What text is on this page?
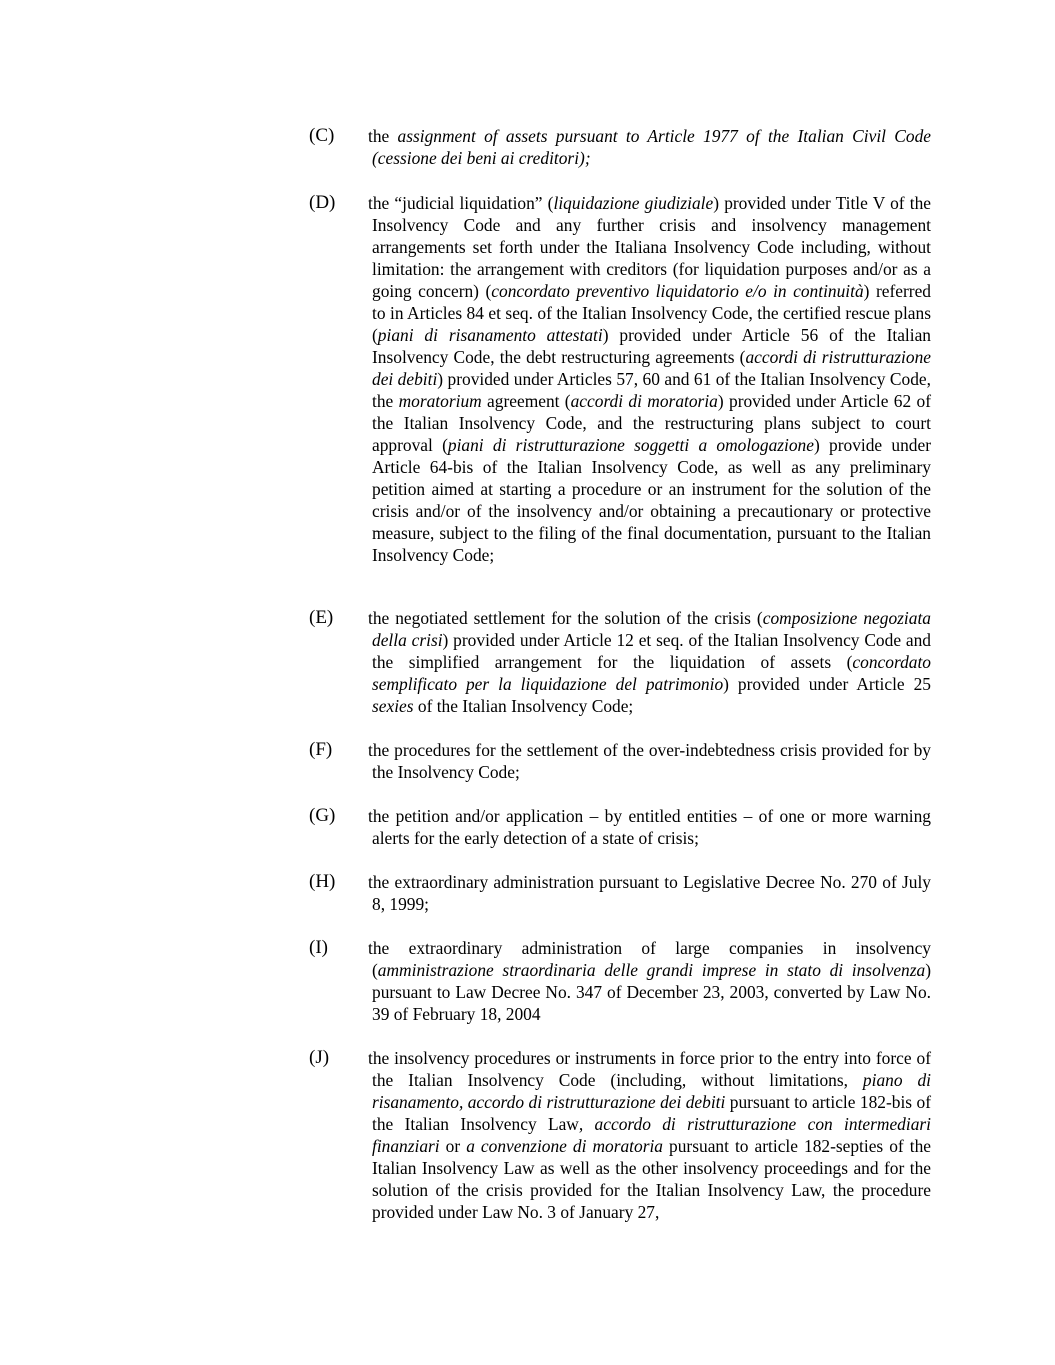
(C) the assignment of assets pursuant to Article 1977 of the Italian Civil Code (cessione dei beni ai creditori);
(D) the “judicial liquidation” (liquidazione giudiziale) provided under Title V of the Insolvency Code and any further crisis and insolvency management arrangements set forth under the Italiana Insolvency Code including, without limitation: the arrangement with creditors (for liquidation purposes and/or as a going concern) (concordato preventivo liquidatorio e/o in continuità) referred to in Articles 84 et seq. of the Italian Insolvency Code, the certified rescue plans (piani di risanamento attestati) provided under Article 56 of the Italian Insolvency Code, the debt restructuring agreements (accordi di ristrutturazione dei debiti) provided under Articles 57, 60 and 61 of the Italian Insolvency Code, the moratorium agreement (accordi di moratoria) provided under Article 62 of the Italian Insolvency Code, and the restructuring plans subject to court approval (piani di ristrutturazione soggetti a omologazione) provide under Article 64-bis of the Italian Insolvency Code, as well as any preliminary petition aimed at starting a procedure or an instrument for the solution of the crisis and/or of the insolvency and/or obtaining a precautionary or protective measure, subject to the filing of the final documentation, pursuant to the Italian Insolvency Code;
(E) the negotiated settlement for the solution of the crisis (composizione negoziata della crisi) provided under Article 12 et seq. of the Italian Insolvency Code and the simplified arrangement for the liquidation of assets (concordato semplificato per la liquidazione del patrimonio) provided under Article 25 sexies of the Italian Insolvency Code;
(F) the procedures for the settlement of the over-indebtedness crisis provided for by the Insolvency Code;
(G) the petition and/or application – by entitled entities – of one or more warning alerts for the early detection of a state of crisis;
(H) the extraordinary administration pursuant to Legislative Decree No. 270 of July 8, 1999;
(I) the extraordinary administration of large companies in insolvency (amministrazione straordinaria delle grandi imprese in stato di insolvenza) pursuant to Law Decree No. 347 of December 23, 2003, converted by Law No. 39 of February 18, 2004
(J) the insolvency procedures or instruments in force prior to the entry into force of the Italian Insolvency Code (including, without limitations, piano di risanamento, accordo di ristrutturazione dei debiti pursuant to article 182-bis of the Italian Insolvency Law, accordo di ristrutturazione con intermediari finanziari or a convenzione di moratoria pursuant to article 182-septies of the Italian Insolvency Law as well as the other insolvency proceedings and for the solution of the crisis provided for the Italian Insolvency Law, the procedure provided under Law No. 3 of January 27,
